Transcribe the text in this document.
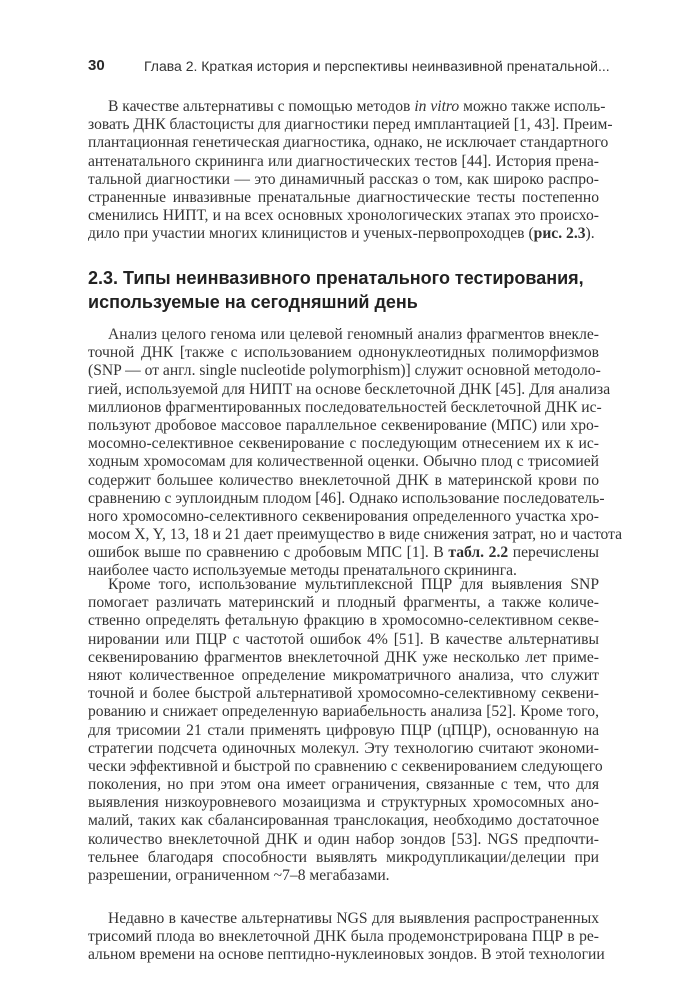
30	Глава 2. Краткая история и перспективы неинвазивной пренатальной...
В качестве альтернативы с помощью методов in vitro можно также исполь-
зовать ДНК бластоцисты для диагностики перед имплантацией [1, 43]. Преим-
плантационная генетическая диагностика, однако, не исключает стандартного
антенатального скрининга или диагностических тестов [44]. История прена-
тальной диагностики — это динамичный рассказ о том, как широко распро-
страненные инвазивные пренатальные диагностические тесты постепенно
сменились НИПТ, и на всех основных хронологических этапах это происхо-
дило при участии многих клиницистов и ученых-первопроходцев (рис. 2.3).
2.3. Типы неинвазивного пренатального тестирования,
используемые на сегодняшний день
Анализ целого генома или целевой геномный анализ фрагментов внекле-
точной ДНК [также с использованием однонуклеотидных полиморфизмов
(SNP — от англ. single nucleotide polymorphism)] служит основной методоло-
гией, используемой для НИПТ на основе бесклеточной ДНК [45]. Для анализа
миллионов фрагментированных последовательностей бесклеточной ДНК ис-
пользуют дробовое массовое параллельное секвенирование (МПС) или хро-
мосомно-селективное секвенирование с последующим отнесением их к ис-
ходным хромосомам для количественной оценки. Обычно плод с трисомией
содержит большее количество внеклеточной ДНК в материнской крови по
сравнению с эуплоидным плодом [46]. Однако использование последователь-
ного хромосомно-селективного секвенирования определенного участка хро-
мосом X, Y, 13, 18 и 21 дает преимущество в виде снижения затрат, но и частота
ошибок выше по сравнению с дробовым МПС [1]. В табл. 2.2 перечислены
наиболее часто используемые методы пренатального скрининга.
Кроме того, использование мультиплексной ПЦР для выявления SNP
помогает различать материнский и плодный фрагменты, а также количе-
ственно определять фетальную фракцию в хромосомно-селективном секве-
нировании или ПЦР с частотой ошибок 4% [51]. В качестве альтернативы
секвенированию фрагментов внеклеточной ДНК уже несколько лет приме-
няют количественное определение микроматричного анализа, что служит
точной и более быстрой альтернативой хромосомно-селективному секвени-
рованию и снижает определенную вариабельность анализа [52]. Кроме того,
для трисомии 21 стали применять цифровую ПЦР (цПЦР), основанную на
стратегии подсчета одиночных молекул. Эту технологию считают экономи-
чески эффективной и быстрой по сравнению с секвенированием следующего
поколения, но при этом она имеет ограничения, связанные с тем, что для
выявления низкоуровневого мозаицизма и структурных хромосомных ано-
малий, таких как сбалансированная транслокация, необходимо достаточное
количество внеклеточной ДНК и один набор зондов [53]. NGS предпочти-
тельнее благодаря способности выявлять микродупликации/делеции при
разрешении, ограниченном ~7–8 мегабазами.
Недавно в качестве альтернативы NGS для выявления распространенных
трисомий плода во внеклеточной ДНК была продемонстрирована ПЦР в ре-
альном времени на основе пептидно-нуклеиновых зондов. В этой технологии
